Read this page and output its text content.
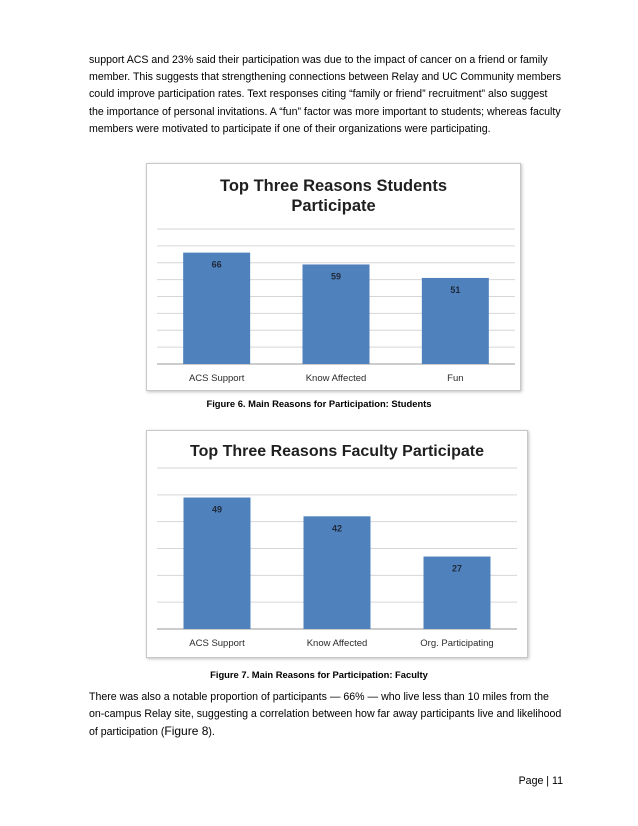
support ACS and 23% said their participation was due to the impact of cancer on a friend or family member. This suggests that strengthening connections between Relay and UC Community members could improve participation rates. Text responses citing “family or friend” recruitment” also suggest the importance of personal invitations. A “fun” factor was more important to students; whereas faculty members were motivated to participate if one of their organizations were participating.

Top Three Reasons Students
Participate
66
ACS Support
59
Know Affected
51
Fun
Figure 6. Main Reasons for Participation: Students
Top Three Reasons Faculty Participate
49
ACS Support
42
Know Affected
27
Org. Participating
Figure 7. Main Reasons for Participation: Faculty

There was also a notable proportion of participants — 66% — who live less than 10 miles from the on-campus Relay site, suggesting a correlation between how far away participants live and likelihood of participation (Figure 8).

Page | 11
